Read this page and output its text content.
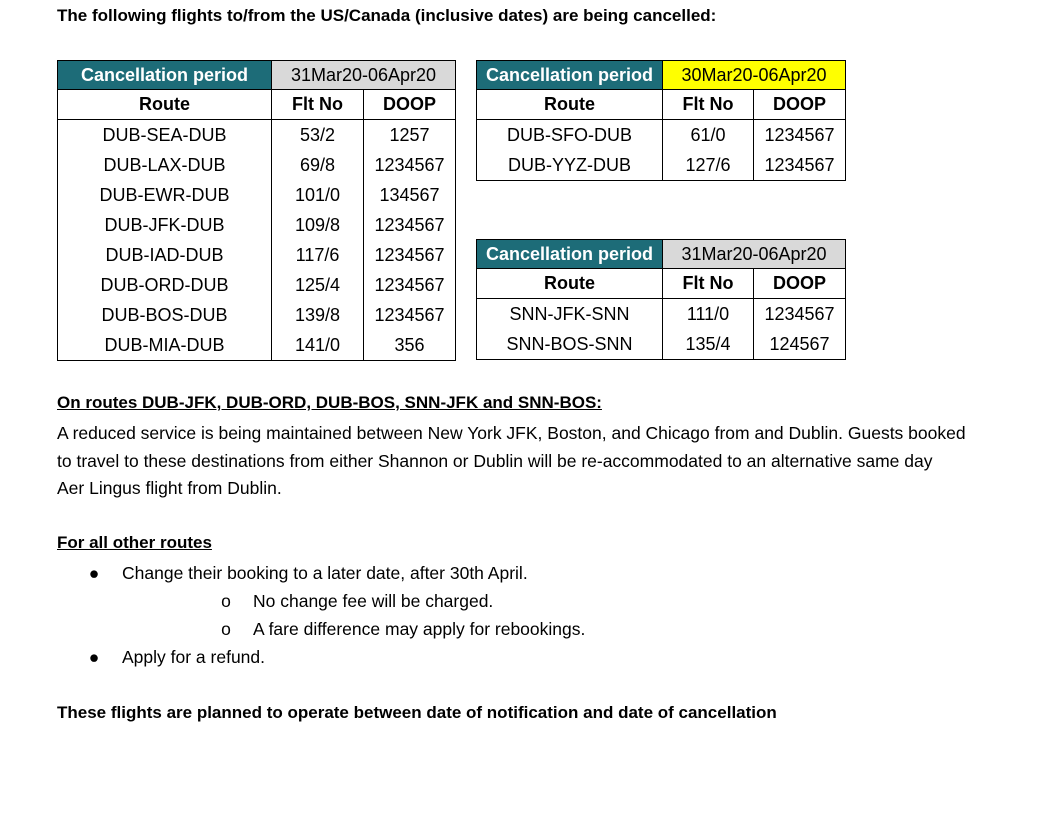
The following flights to/from the US/Canada (inclusive dates) are being cancelled:

Cancellation period	31Mar20-06Apr20	
Route	Flt No	DOOP
DUB-SEA-DUB	53/2	1257
DUB-LAX-DUB	69/8	1234567
DUB-EWR-DUB	101/0	134567
DUB-JFK-DUB	109/8	1234567
DUB-IAD-DUB	117/6	1234567
DUB-ORD-DUB	125/4	1234567
DUB-BOS-DUB	139/8	1234567
DUB-MIA-DUB	141/0	356
Cancellation period	30Mar20-06Apr20	
Route	Flt No	DOOP
DUB-SFO-DUB	61/0	1234567
DUB-YYZ-DUB	127/6	1234567
Cancellation period	31Mar20-06Apr20	
Route	Flt No	DOOP
SNN-JFK-SNN	111/0	1234567
SNN-BOS-SNN	135/4	124567

On routes DUB-JFK, DUB-ORD, DUB-BOS, SNN-JFK and SNN-BOS:

A reduced service is being maintained between New York JFK, Boston, and Chicago from and Dublin. Guests booked
to travel to these destinations from either Shannon or Dublin will be re-accommodated to an alternative same day
Aer Lingus flight from Dublin.

For all other routes

● Change their booking to a later date, after 30th April.
o No change fee will be charged.
o A fare difference may apply for rebookings.
● Apply for a refund.

These flights are planned to operate between date of notification and date of cancellation
